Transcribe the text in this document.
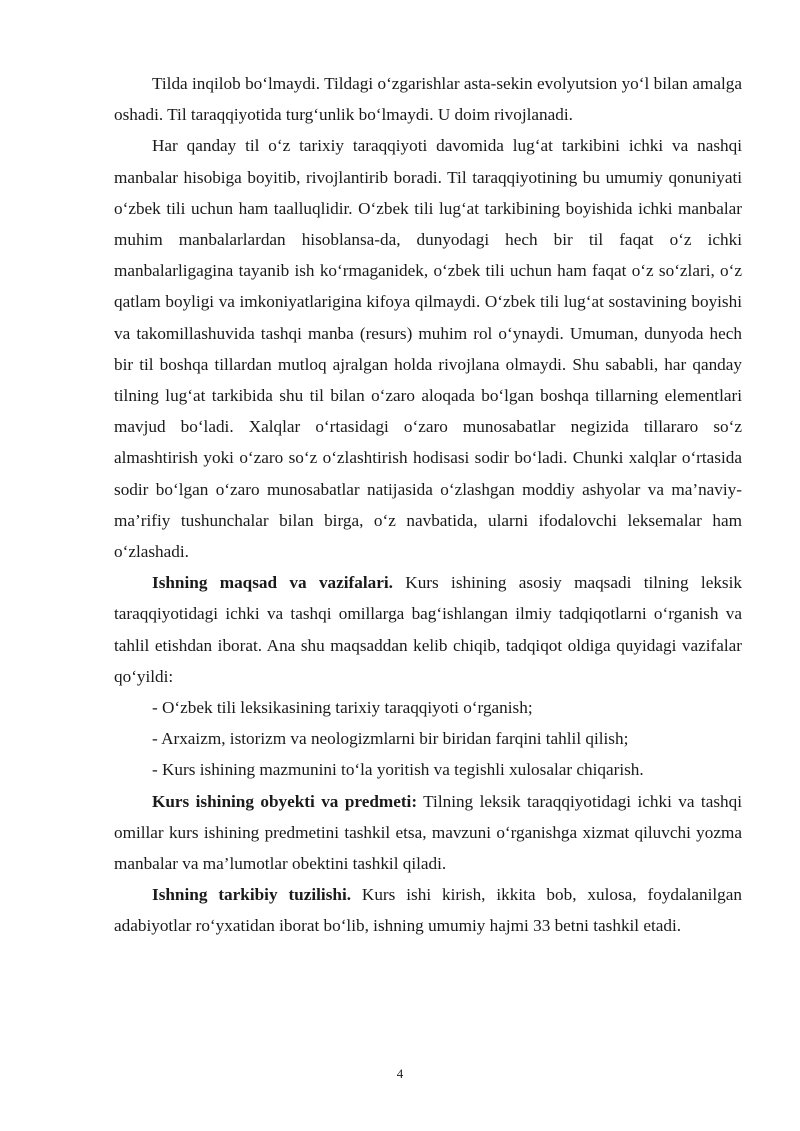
Tilda inqilob bo‘lmaydi. Tildagi o‘zgarishlar asta-sekin evolyutsion yo‘l bilan amalga oshadi. Til taraqqiyotida turg‘unlik bo‘lmaydi. U doim rivojlanadi.

Har qanday til o‘z tarixiy taraqqiyoti davomida lug‘at tarkibini ichki va nashqi manbalar hisobiga boyitib, rivojlantirib boradi. Til taraqqiyotining bu umumiy qonuniyati o‘zbek tili uchun ham taalluqlidir. O‘zbek tili lug‘at tarkibining boyishida ichki manbalar muhim manbalarlardan hisoblansa-da, dunyodagi hech bir til faqat o‘z ichki manbalarligagina tayanib ish ko‘rmaganidek, o‘zbek tili uchun ham faqat o‘z so‘zlari, o‘z qatlam boyligi va imkoniyatlarigina kifoya qilmaydi. O‘zbek tili lug‘at sostavining boyishi va takomillashuvida tashqi manba (resurs) muhim rol o‘ynaydi. Umuman, dunyoda hech bir til boshqa tillardan mutloq ajralgan holda rivojlana olmaydi. Shu sababli, har qanday tilning lug‘at tarkibida shu til bilan o‘zaro aloqada bo‘lgan boshqa tillarning elementlari mavjud bo‘ladi. Xalqlar o‘rtasidagi o‘zaro munosabatlar negizida tillararo so‘z almashtirish yoki o‘zaro so‘z o‘zlashtirish hodisasi sodir bo‘ladi. Chunki xalqlar o‘rtasida sodir bo‘lgan o‘zaro munosabatlar natijasida o‘zlashgan moddiy ashyolar va ma’naviy-ma’rifiy tushunchalar bilan birga, o‘z navbatida, ularni ifodalovchi leksemalar ham o‘zlashadi.

Ishning maqsad va vazifalari. Kurs ishining asosiy maqsadi tilning leksik taraqqiyotidagi ichki va tashqi omillarga bag‘ishlangan ilmiy tadqiqotlarni o‘rganish va tahlil etishdan iborat. Ana shu maqsaddan kelib chiqib, tadqiqot oldiga quyidagi vazifalar qo‘yildi:

- O‘zbek tili leksikasining tarixiy taraqqiyoti o‘rganish;

- Arxaizm, istorizm va neologizmlarni bir biridan farqini tahlil qilish;

- Kurs ishining mazmunini to‘la yoritish va tegishli xulosalar chiqarish.

Kurs ishining obyekti va predmeti: Tilning leksik taraqqiyotidagi ichki va tashqi omillar kurs ishining predmetini tashkil etsa, mavzuni o‘rganishga xizmat qiluvchi yozma manbalar va ma’lumotlar obektini tashkil qiladi.

Ishning tarkibiy tuzilishi. Kurs ishi kirish, ikkita bob, xulosa, foydalanilgan adabiyotlar ro‘yxatidan iborat bo‘lib, ishning umumiy hajmi 33 betni tashkil etadi.

4
